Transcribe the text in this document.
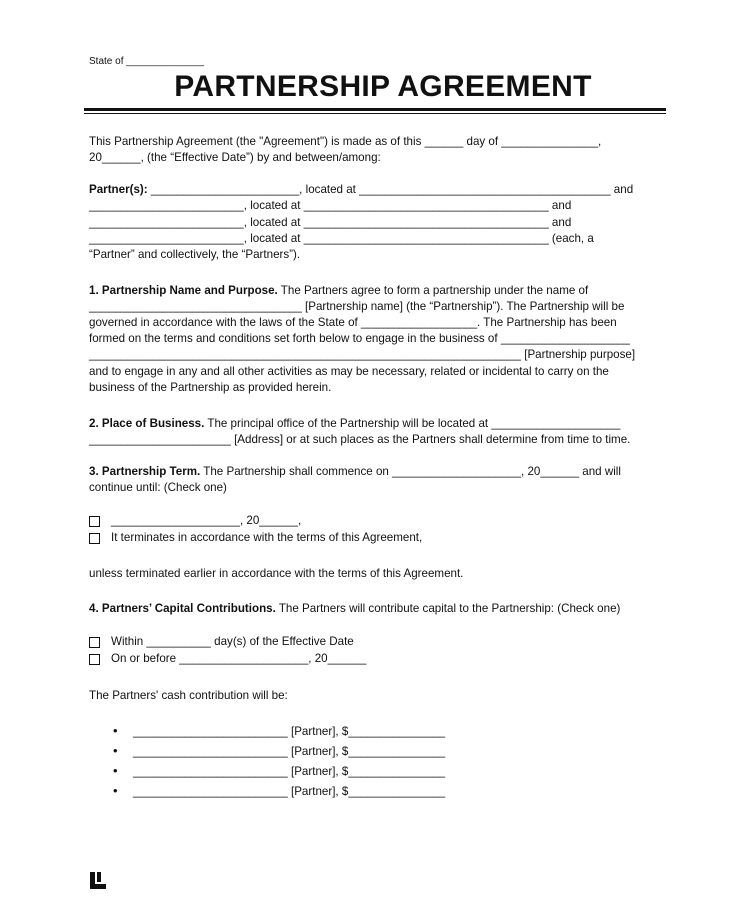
State of ______________
PARTNERSHIP AGREEMENT
This Partnership Agreement (the "Agreement") is made as of this ______ day of _______________,
20______, (the “Effective Date”) by and between/among:
Partner(s): _______________________, located at _______________________________________ and
________________________, located at ______________________________________ and
________________________, located at ______________________________________ and
________________________, located at ______________________________________ (each, a
“Partner” and collectively, the “Partners”).
1. Partnership Name and Purpose. The Partners agree to form a partnership under the name of
_________________________________ [Partnership name] (the “Partnership”). The Partnership will be
governed in accordance with the laws of the State of __________________. The Partnership has been
formed on the terms and conditions set forth below to engage in the business of ____________________
___________________________________________________________________ [Partnership purpose]
and to engage in any and all other activities as may be necessary, related or incidental to carry on the
business of the Partnership as provided herein.
2. Place of Business. The principal office of the Partnership will be located at ____________________
______________________ [Address] or at such places as the Partners shall determine from time to time.
3. Partnership Term. The Partnership shall commence on ____________________, 20______ and will
continue until: (Check one)
____________________, 20______,
It terminates in accordance with the terms of this Agreement,
unless terminated earlier in accordance with the terms of this Agreement.
4. Partners’ Capital Contributions. The Partners will contribute capital to the Partnership: (Check one)
Within __________ day(s) of the Effective Date
On or before ____________________, 20______
The Partners' cash contribution will be:
• ________________________ [Partner], $_______________
• ________________________ [Partner], $_______________
• ________________________ [Partner], $_______________
• ________________________ [Partner], $_______________
